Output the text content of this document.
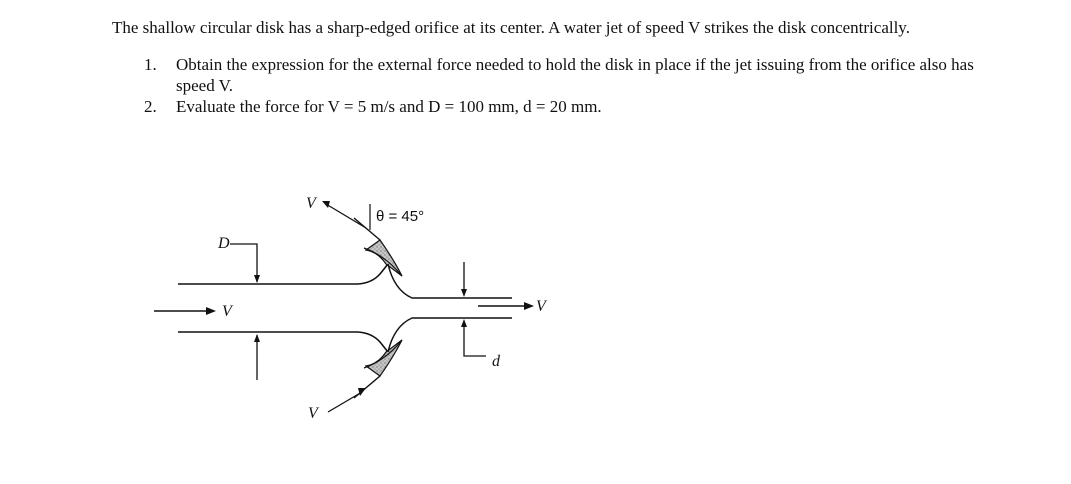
The shallow circular disk has a sharp-edged orifice at its center. A water jet of speed V strikes the disk concentrically.

1. Obtain the expression for the external force needed to hold the disk in place if the jet issuing from the orifice also has speed V.
2. Evaluate the force for V = 5 m/s and D = 100 mm, d = 20 mm.
D
V
V
V
θ = 45°
d
V
